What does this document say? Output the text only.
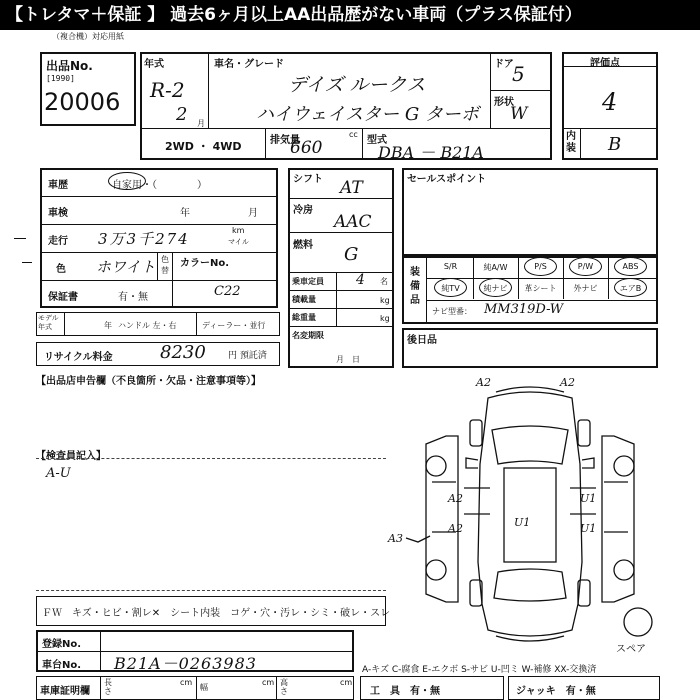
【トレタマ＋保証 】 過去6ヶ月以上AA出品歴がない車両（プラス保証付）
（複合機）対応用紙
出品No.
[1990]
20006
年式
R-2
2 月
車名・グレード
デイズ ルークス
ハイウェイスター G ターボ
ドア
5
形状
W
2WD ・ 4WD	排気量
660
cc
型式
DBA － B21A
評価点
4
内装 B
車歴	自家用・（　　　　）
車検	年	月
走行 3万3千274	km
マイル
色 ホワイト 色替
カラーNo.
C22
保証書	有・無
モデル年式	年 ハンドル 左・右	ディーラー・並行
リサイクル料金	8230 円 預託済
シフト AT
冷房
AAC
燃料 G
乗車定員 4 名
積載量	kg
総重量	kg
名変期限
月　日
セールスポイント
装備品
S/R	純A/W	P/S	P/W	ABS
純TV	純ナビ	革シート	外ナビ	エアB
ナビ型番： MM319D-W
後日品
【出品店申告欄（不良箇所・欠品・注意事項等）】
【検査員記入】
A-U
A2	A2
A2
A2
U1
U1
U1
A3
スペア
ＦＷ　キズ・ヒビ・割レ✕　シート内装　コゲ・穴・汚レ・シミ・破レ・スレ
登録No.
車台No. B21A－0263983	A-キズ C-腐食 E-エクボ S-サビ U-凹ミ W-補修 XX-交換済
車庫証明欄
長さ
cm
幅
cm 高さ
cm
工　具　有・無	ジャッキ　有・無
